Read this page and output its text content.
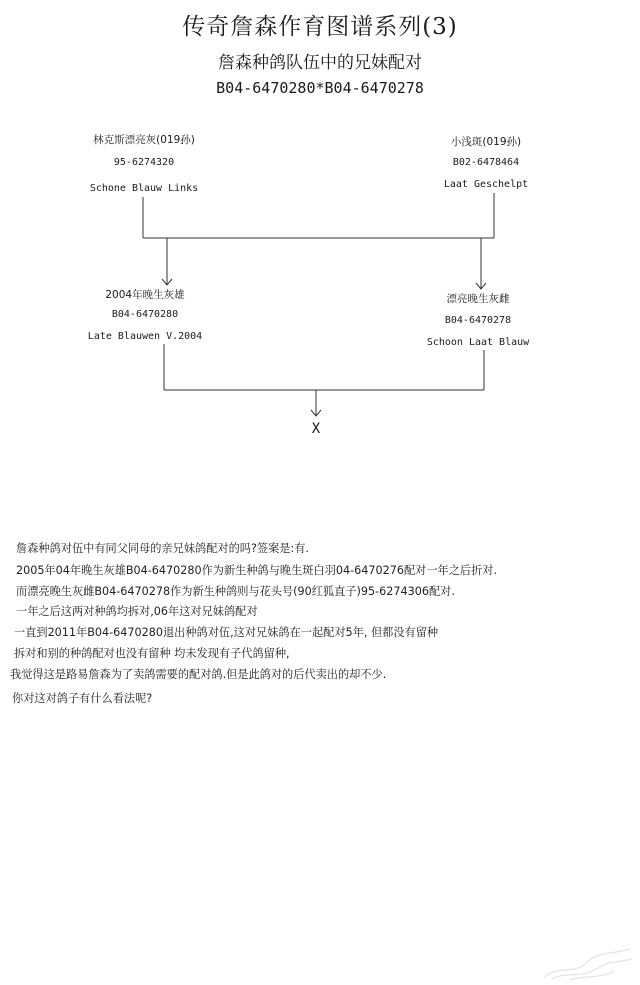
传奇詹森作育图谱系列(3)
詹森种鸽队伍中的兄妹配对
B04-6470280*B04-6470278
林克斯漂亮灰(019孙)
95-6274320
Schone Blauw Links
小浅斑(019孙)
B02-6478464
Laat Geschelpt
2004年晚生灰雄
B04-6470280
Late Blauwen V.2004
漂亮晚生灰雌
B04-6470278
Schoon Laat Blauw
X
詹森种鸽对伍中有同父同母的亲兄妹鸽配对的吗?签案是:有.
2005年04年晚生灰雄B04-6470280作为新生种鸽与晚生斑白羽04-6470276配对一年之后折对.
而漂亮晚生灰雌B04-6470278作为新生种鸽则与花头号(90红狐直子)95-6274306配对.
一年之后这两对种鸽均拆对,06年这对兄妹鸽配对
一直到2011年B04-6470280退出种鸽对伍,这对兄妹鸽在一起配对5年, 但都没有留种
拆对和别的种鸽配对也没有留种 均未发现有子代鸽留种,
我觉得这是路易詹森为了卖鸽需要的配对鸽.但是此鸽对的后代卖出的却不少.
你对这对鸽子有什么看法呢?
